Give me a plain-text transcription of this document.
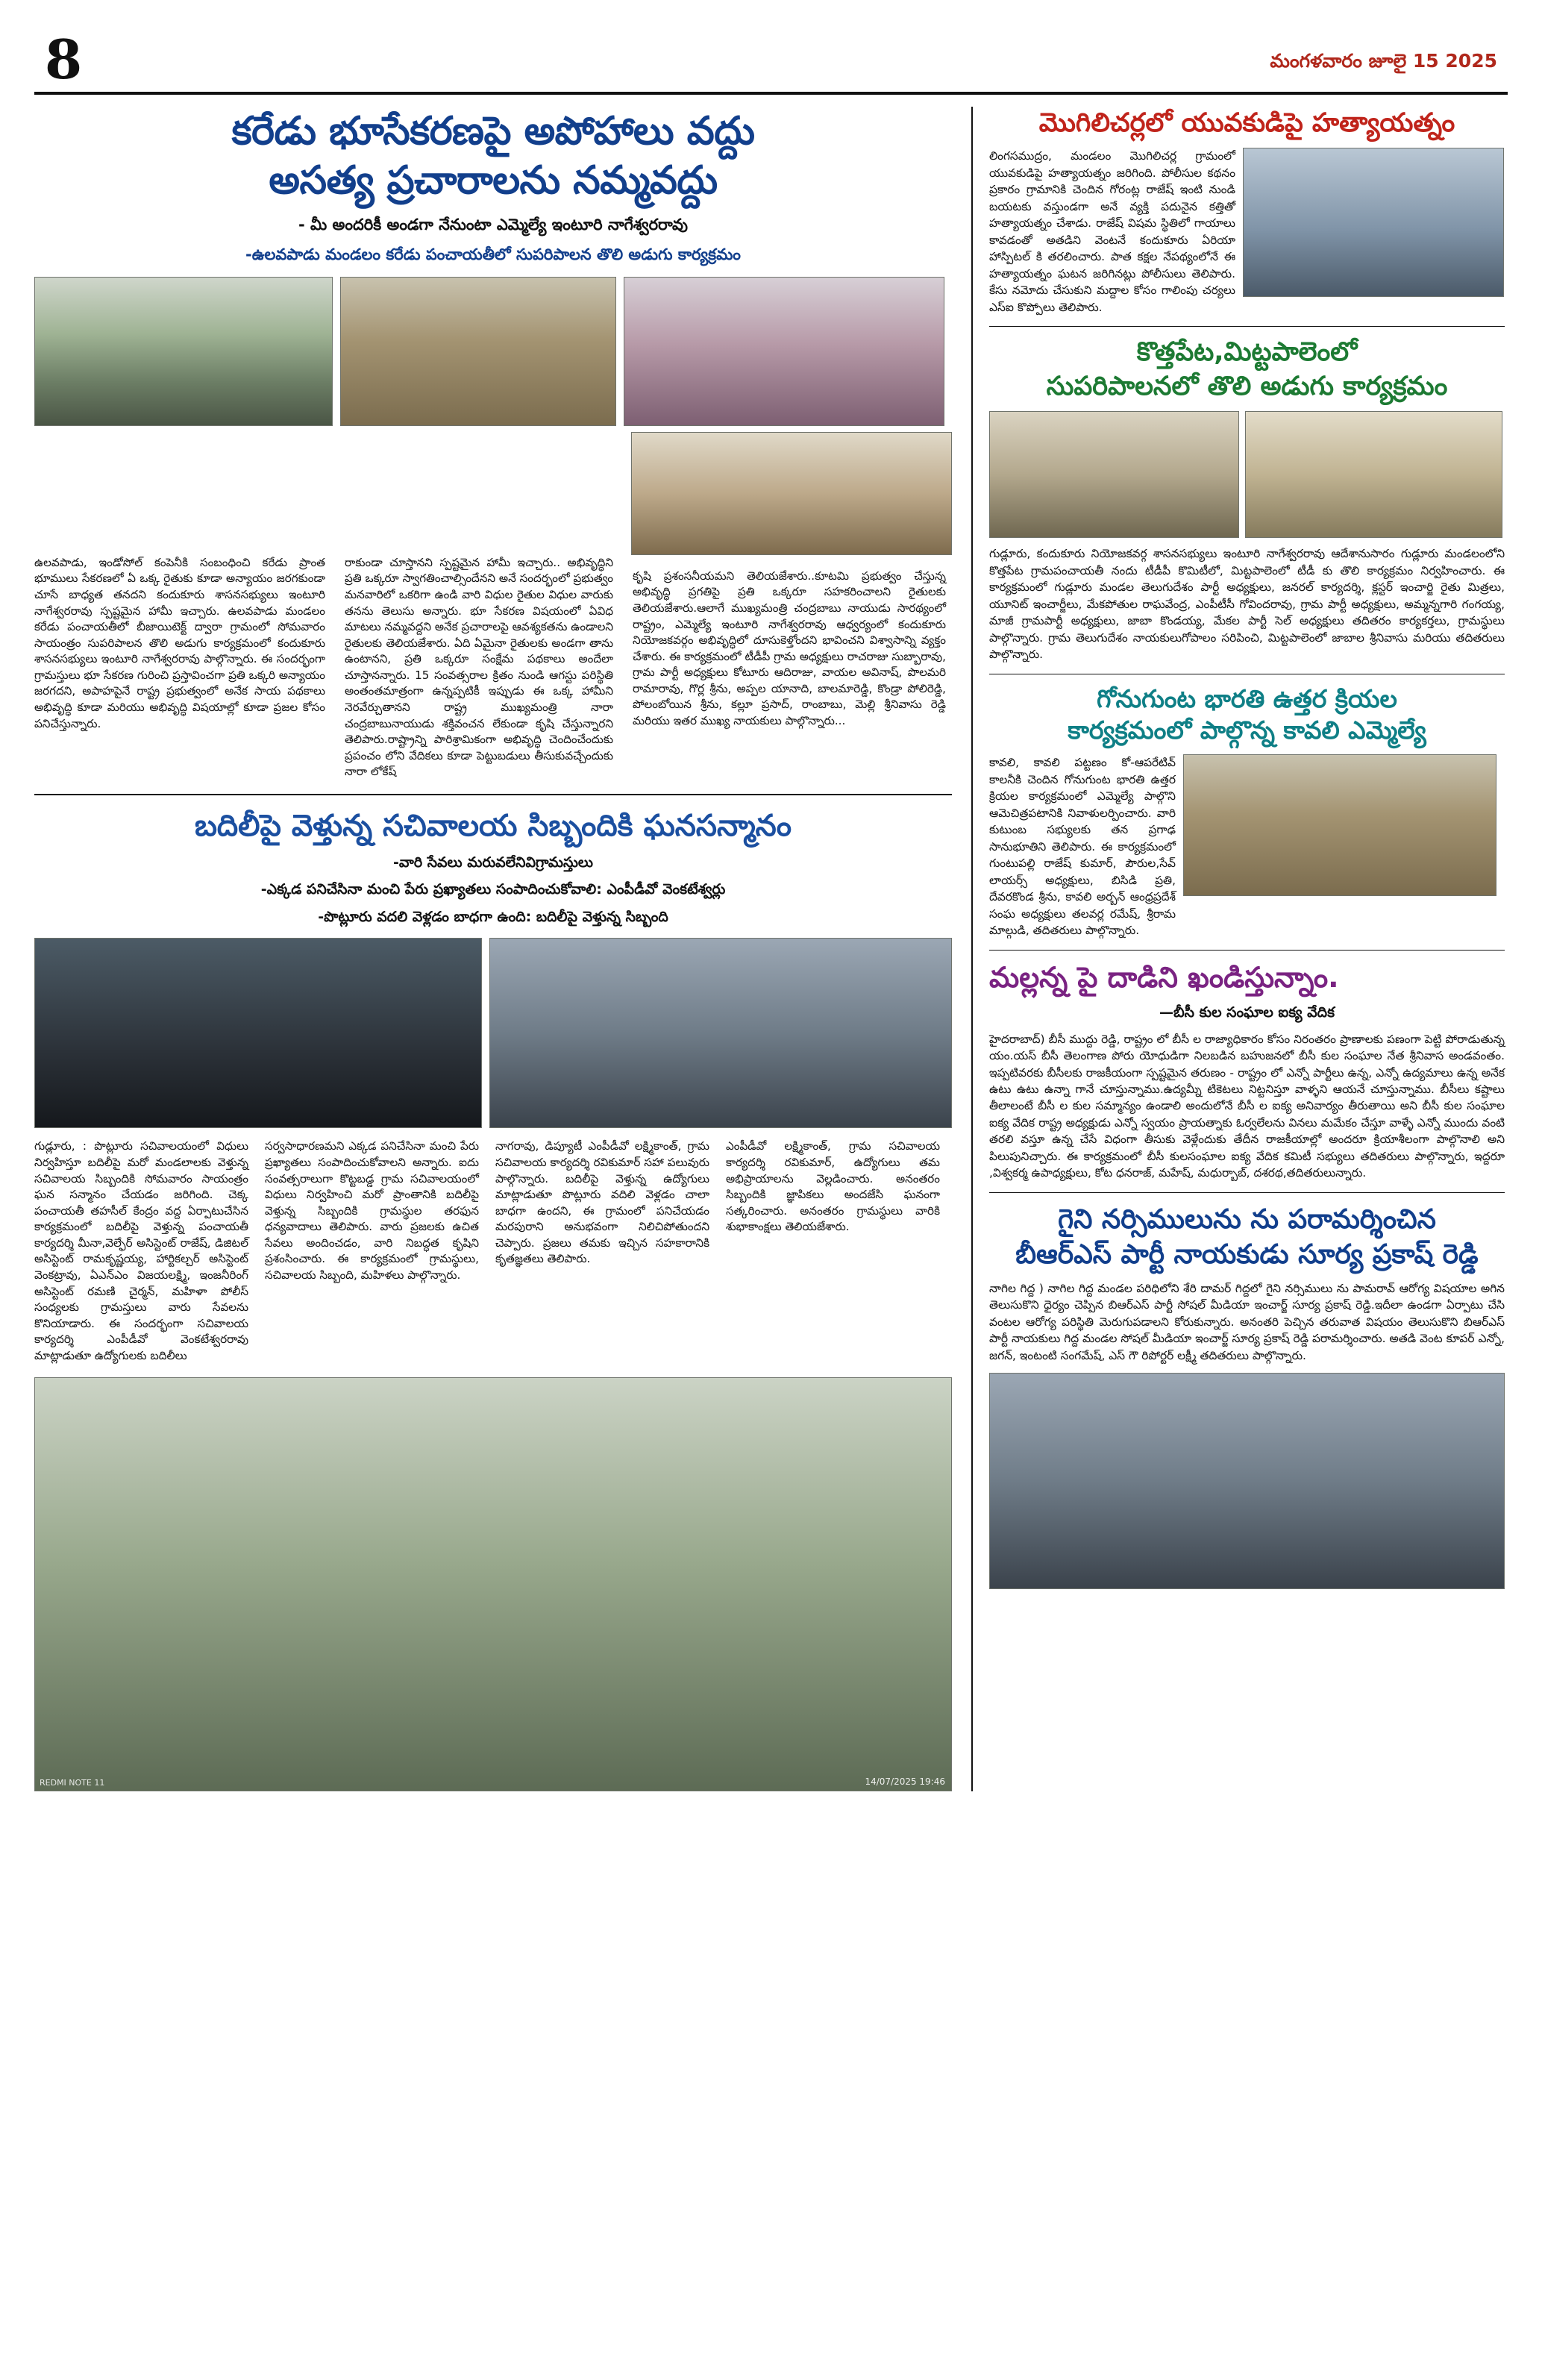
8	మంగళవారం జూలై 15 2025
కరేడు భూసేకరణపై అపోహాలు వద్దు
అసత్య ప్రచారాలను నమ్మవద్దు
- మీ అందరికీ అండగా నేనుంటా ఎమ్మెల్యే ఇంటూరి నాగేశ్వరరావు
-ఉలవపాడు మండలం కరేడు పంచాయతీలో సుపరిపాలన తొలి అడుగు కార్యక్రమం

ఉలవపాడు, ఇండోసోల్ కంపెనీకి సంబంధించి కరేడు ప్రాంత భూములు సేకరణలో ఏ ఒక్క రైతుకు కూడా అన్యాయం జరగకుండా చూసే బాధ్యత తనదని కందుకూరు శాసనసభ్యులు ఇంటూరి నాగేశ్వరరావు స్పష్టమైన హామీ ఇచ్చారు. ఉలవపాడు మండలం కరేడు పంచాయతీలో బీజాయిటెక్ట్‌ ద్వారా గ్రామంలో సోమవారం సాయంత్రం సుపరిపాలన తొలి అడుగు కార్యక్రమంలో కందుకూరు శాసనసభ్యులు ఇంటూరి నాగేశ్వరరావు పాల్గొన్నారు. ఈ సందర్భంగా గ్రామస్తులు భూ సేకరణ గురించి ప్రస్తావించగా ప్రతి ఒక్కరి అన్యాయం జరగదని, అపాహపైనే రాష్ట్ర ప్రభుత్వంలో అనేక సాయ పథకాలు అభివృద్ధి కూడా మరియు అభివృద్ధి విషయాల్లో కూడా ప్రజల కోసం పనిచేస్తున్నారు.

రాకుండా చూస్తానని స్పష్టమైన హామీ ఇచ్చారు.. అభివృద్ధిని ప్రతి ఒక్కరూ స్వాగతించాల్సిందేనని అనే సందర్భంలో ప్రభుత్వం మనవారిలో ఒకరిగా ఉండి వారి విధుల రైతుల విధుల వారుకు తనను తెలుసు అన్నారు. భూ సేకరణ విషయంలో ఏవిధ మాటలు నమ్మవద్దని అనేక ప్రచారాలపై ఆవశ్యకతను ఉండాలని రైతులకు తెలియజేశారు. ఏది ఏమైనా రైతులకు అండగా తాను ఉంటానని, ప్రతి ఒక్కరూ సంక్షేమ పథకాలు అందేలా చూస్తానన్నారు. 15 సంవత్సరాల క్రితం నుండి ఆగస్టు పరిస్థితి అంతంతమాత్రంగా ఉన్నప్పటికీ ఇప్పుడు ఈ ఒక్క హామీని నెరవేర్చుతానని రాష్ట్ర ముఖ్యమంత్రి నారా చంద్రబాబునాయుడు శక్తివంచన లేకుండా కృషి చేస్తున్నారని తెలిపారు.రాష్ట్రాన్ని పారిశ్రామికంగా అభివృద్ధి చెందించేందుకు ప్రపంచం లోని వేదికలు కూడా పెట్టుబడులు తీసుకువచ్చేందుకు నారా లోకేష్

కృషి ప్రశంసనీయమని తెలియజేశారు..కూటమి ప్రభుత్వం చేస్తున్న అభివృద్ధి ప్రగతిపై ప్రతి ఒక్కరూ సహకరించాలని రైతులకు తెలియజేశారు.ఆలాగే ముఖ్యమంత్రి చంద్రబాబు నాయుడు సారథ్యంలో రాష్ట్రం, ఎమ్మెల్యే ఇంటూరి నాగేశ్వరరావు ఆధ్వర్యంలో కందుకూరు నియోజకవర్గం అభివృద్ధిలో దూసుకెళ్తోందని భావించని విశ్వాసాన్ని వ్యక్తం చేశారు. ఈ కార్యక్రమంలో టీడీపీ గ్రామ అధ్యక్షులు రాచరాజు సుబ్బారావు, గ్రామ పార్టీ అధ్యక్షులు కోటూరు ఆదిరాజు, వాయల అవినాష్, పొలమరి రామారావు, గొర్ల శ్రీను, అప్పల యానాది, బాలమారెడ్డి, కొండ్రా పోలిరెడ్డి, పోలంబోయిన శ్రీను, కల్లూ ప్రసాద్‌, రాంబాబు, మెల్లి శ్రీనివాసు రెడ్డి మరియు ఇతర ముఖ్య నాయకులు పాల్గొన్నారు...

బదిలీపై వెళ్తున్న సచివాలయ సిబ్బందికి ఘనసన్మానం
-వారి సేవలు మరువలేనివిగ్రామస్తులు
-ఎక్కడ పనిచేసినా మంచి పేరు ప్రఖ్యాతలు సంపాదించుకోవాలి: ఎంపీడీవో వెంకటేశ్వర్లు
-పొట్లూరు వదలి వెళ్లడం బాధగా ఉంది: బదిలీపై వెళ్తున్న సిబ్బంది

గుడ్లూరు, : పొట్లూరు సచివాలయంలో విధులు నిర్వహిస్తూ బదిలీపై మరో మండలాలకు వెళ్తున్న సచివాలయ సిబ్బందికి సోమవారం సాయంత్రం ఘన సన్మానం చేయడం జరిగింది. చెక్క పంచాయతీ తహసీల్ కేంద్రం వద్ద ఏర్పాటుచేసిన కార్యక్రమంలో బదిలీపై వెళ్తున్న పంచాయతీ కార్యదర్శి మీనా,వెల్ఫేర్ అసిస్టెంట్ రాజేష్‌, డిజిటల్ అసిస్టెంట్ రామకృష్ణయ్య, హార్టికల్చర్ అసిస్టెంట్ వెంకట్రావు, ఏఎన్ఎం విజయలక్ష్మి, ఇంజనీరింగ్ అసిస్టెంట్ రమణి చైర్మన్, మహిళా పోలీస్ సంధ్యలకు గ్రామస్తులు వారు సేవలను కొనియాడారు. ఈ సందర్భంగా సచివాలయ కార్యదర్శి ఎంపీడీవో వెంకటేశ్వరరావు మాట్లాడుతూ ఉద్యోగులకు బదిలీలు

సర్వసాధారణమని ఎక్కడ పనిచేసినా మంచి పేరు ప్రఖ్యాతలు సంపాదించుకోవాలని అన్నారు. ఐదు సంవత్సరాలుగా కొట్టబడ్డ గ్రామ సచివాలయంలో విధులు నిర్వహించి మరో ప్రాంతానికి బదిలీపై వెళ్తున్న సిబ్బందికి గ్రామస్థుల తరఫున ధన్యవాదాలు తెలిపారు. వారు ప్రజలకు ఉచిత సేవలు అందించడం, వారి నిబద్ధత కృషిని ప్రశంసించారు. ఈ కార్యక్రమంలో గ్రామస్థులు, సచివాలయ సిబ్బంది, మహిళలు పాల్గొన్నారు.

నాగరావు, డిప్యూటీ ఎంపీడీవో లక్ష్మికాంత్, గ్రామ సచివాలయ కార్యదర్శి రవికుమార్ సహా పలువురు పాల్గొన్నారు. బదిలీపై వెళ్తున్న ఉద్యోగులు మాట్లాడుతూ పొట్లూరు వదిలి వెళ్లడం చాలా బాధగా ఉందని, ఈ గ్రామంలో పనిచేయడం మరపురాని అనుభవంగా నిలిచిపోతుందని చెప్పారు. ప్రజలు తమకు ఇచ్చిన సహకారానికి కృతజ్ఞతలు తెలిపారు.

ఎంపీడీవో లక్ష్మికాంత్, గ్రామ సచివాలయ కార్యదర్శి రవికుమార్, ఉద్యోగులు తమ అభిప్రాయాలను వెల్లడించారు. అనంతరం సిబ్బందికి జ్ఞాపికలు అందజేసి ఘనంగా సత్కరించారు. అనంతరం గ్రామస్థులు వారికి శుభాకాంక్షలు తెలియజేశారు.

REDMI NOTE 11	14/07/2025 19:46
మొగిలిచర్లలో యువకుడిపై హత్యాయత్నం

లింగసముద్రం, మండలం మొగిలిచర్ల గ్రామంలో యువకుడిపై హత్యాయత్నం జరిగింది. పోలీసుల కథనం ప్రకారం గ్రామానికి చెందిన గోరంట్ల రాజేష్‌ ఇంటి నుండి బయటకు వస్తుండగా అనే వ్యక్తి పదునైన కత్తితో హత్యాయత్నం చేశాడు. రాజేష్‌ విషమ స్థితిలో గాయాలు కావడంతో అతడిని వెంటనే కందుకూరు ఏరియా హాస్పిటల్‌ కి తరలించారు. పాత కక్షల నేపథ్యంలోనే ఈ హత్యాయత్నం ఘటన జరిగినట్లు పోలీసులు తెలిపారు. కేసు నమోదు చేసుకుని మద్దాల కోసం గాలింపు చర్యలు ఎస్ఐ కొప్పోలు తెలిపారు.

కొత్తపేట,మిట్టపాలెంలో
సుపరిపాలనలో తొలి అడుగు కార్యక్రమం

గుడ్లూరు, కందుకూరు నియోజకవర్గ శాసనసభ్యులు ఇంటూరి నాగేశ్వరరావు ఆదేశానుసారం గుడ్లూరు మండలంలోని కొత్తపేట గ్రామపంచాయతీ నందు టీడీపీ కొమిటీలో, మిట్టపాలెంలో టీడీ కు తొలి కార్యక్రమం నిర్వహించారు. ఈ కార్యక్రమంలో గుడ్లూరు మండల తెలుగుదేశం పార్టీ అధ్యక్షులు, జనరల్ కార్యదర్శి, క్లస్టర్ ఇంచార్జి రైతు మిత్రలు, యూనిట్ ఇంచార్జీలు, మేకపోతుల రాఘవేంద్ర, ఎంపీటీసీ గోవిందరావు, గ్రామ పార్టీ అధ్యక్షులు, అమ్మన్నగారి గంగయ్య, మాజీ గ్రామపార్టీ అధ్యక్షులు, జాబా కొండయ్య, మేకల పార్టీ సెల్ అధ్యక్షులు తదితరం కార్యకర్తలు, గ్రామస్థులు పాల్గొన్నారు. గ్రామ తెలుగుదేశం నాయకులుగోపాలం సరిపించి, మిట్టపాలెంలో జాబాల శ్రీనివాసు మరియు తదితరులు పాల్గొన్నారు.

గోనుగుంట భారతి ఉత్తర క్రియల
కార్యక్రమంలో పాల్గొన్న కావలి ఎమ్మెల్యే

కావలి, కావలి పట్టణం కో-ఆపరేటివ్ కాలనీకి చెందిన గోనుగుంట భారతి ఉత్తర క్రియల కార్యక్రమంలో ఎమ్మెల్యే పాల్గొని ఆమెచిత్రపటానికి నివాళులర్పించారు. వారి కుటుంబ సభ్యులకు తన ప్రగాఢ సానుభూతిని తెలిపారు. ఈ కార్యక్రమంలో గుంటుపల్లి రాజేష్ కుమార్, పౌరుల,సేవ్ లాయర్స్ అధ్యక్షులు, బిసిడి ప్రతి, దేవరకొండ శ్రీను, కావలి అర్బన్ ఆంధ్రప్రదేశ్ సంఘ అధ్యక్షులు తలవర్ల రమేష్, శ్రీరామ మాల్గుడి, తదితరులు పాల్గొన్నారు.

మల్లన్న పై దాడిని ఖండిస్తున్నాం.
—బీసీ కుల సంఘాల ఐక్య వేదిక

హైదరాబాద్‌) బీసీ ముద్దు రెడ్డి, రాష్ట్రం లో బీసీ ల రాజ్యాధికారం కోసం నిరంతరం ప్రాణాలకు పణంగా పెట్టి పోరాడుతున్న యం.యస్ బీసీ తెలంగాణ పోరు యోధుడిగా నిలబడిన బహుజనలో బీసీ కుల సంఘాల నేత శ్రీనివాస అండవంతం. ఇప్పటివరకు బీసీలకు రాజకీయంగా స్పష్టమైన తరుణం - రాష్ట్రం లో ఎన్నో పార్టీలు ఉన్న, ఎన్నో ఉద్యమాలు ఉన్న అనేక ఉటు ఉటు ఉన్నా గానే చూస్తున్నాము.ఉద్యమ్నీ టికెటలు నిట్టనిస్తూ వాళ్ళని ఆయనే చూస్తున్నాము. బీసీలు కష్టాలు తీలాలంటే బీసీ ల కుల సమ్మాన్యం ఉండాలి అందులోనే బీసీ ల ఐక్య అనివార్యం తీరుతాయి అని బీసీ కుల సంఘాల ఐక్య వేదిక రాష్ట్ర అధ్యక్షుడు ఎన్నో స్వయం ప్రాయత్నాకు ఓర్వలేలను వినలు మమేకం చేస్తూ వాళ్ళే ఎన్నో ముందు వంటి తరలి వస్తూ ఉన్న చేసే విధంగా తీసుకు వెళ్లేందుకు తేదీన రాజకీయాల్లో అందరూ క్రియాశీలంగా పాల్గొనాలి అని పిలుపునిచ్చారు. ఈ కార్యక్రమంలో బీసీ కులసంఘాల ఐక్య వేదిక కమిటీ సభ్యులు తదితరులు పాల్గొన్నారు, ఇద్దరూ ,విశ్వకర్మ ఉపాధ్యక్షులు, కోట ధనరాజ్, మహేష్, మధుర్బాబ్, దశరథ,తదితరులున్నారు.

గైని నర్సిములును ను పరామర్శించిన
బీఆర్ఎస్ పార్టీ నాయకుడు సూర్య ప్రకాష్ రెడ్డి

నాగిల గిద్ద ) నాగిల గిద్ద మండల పరిధిలోని శేరి దామర్ గిద్దలో గైని నర్సిములు ను పామరావ్ ఆరోగ్య విషయాల అగిన తెలుసుకొని ధైర్యం చెప్పిన బిఆర్ఎస్ పార్టీ సోషల్ మీడియా ఇంచార్జ్ సూర్య ప్రకాష్ రెడ్డి.ఇదీలా ఉండగా ఏర్పాటు చేసి వంటల ఆరోగ్య పరిస్థితి మెరుగుపడాలని కోరుకున్నారు. అనంతరి పెచ్చిన తరువాత విషయం తెలుసుకొని బిఆర్ఎస్ పార్టీ నాయకులు గిద్ద మండల సోషల్ మీడియా ఇంచార్జ్ సూర్య ప్రకాష్‌ రెడ్డి పరామర్శించారు. అతడి వెంట కూపర్ ఎన్నో, జగన్, ఇంటంటి సంగమేష్‌, ఎస్‌ గౌ రిపోర్టర్ లక్ష్మీ తదితరులు పాల్గొన్నారు.
